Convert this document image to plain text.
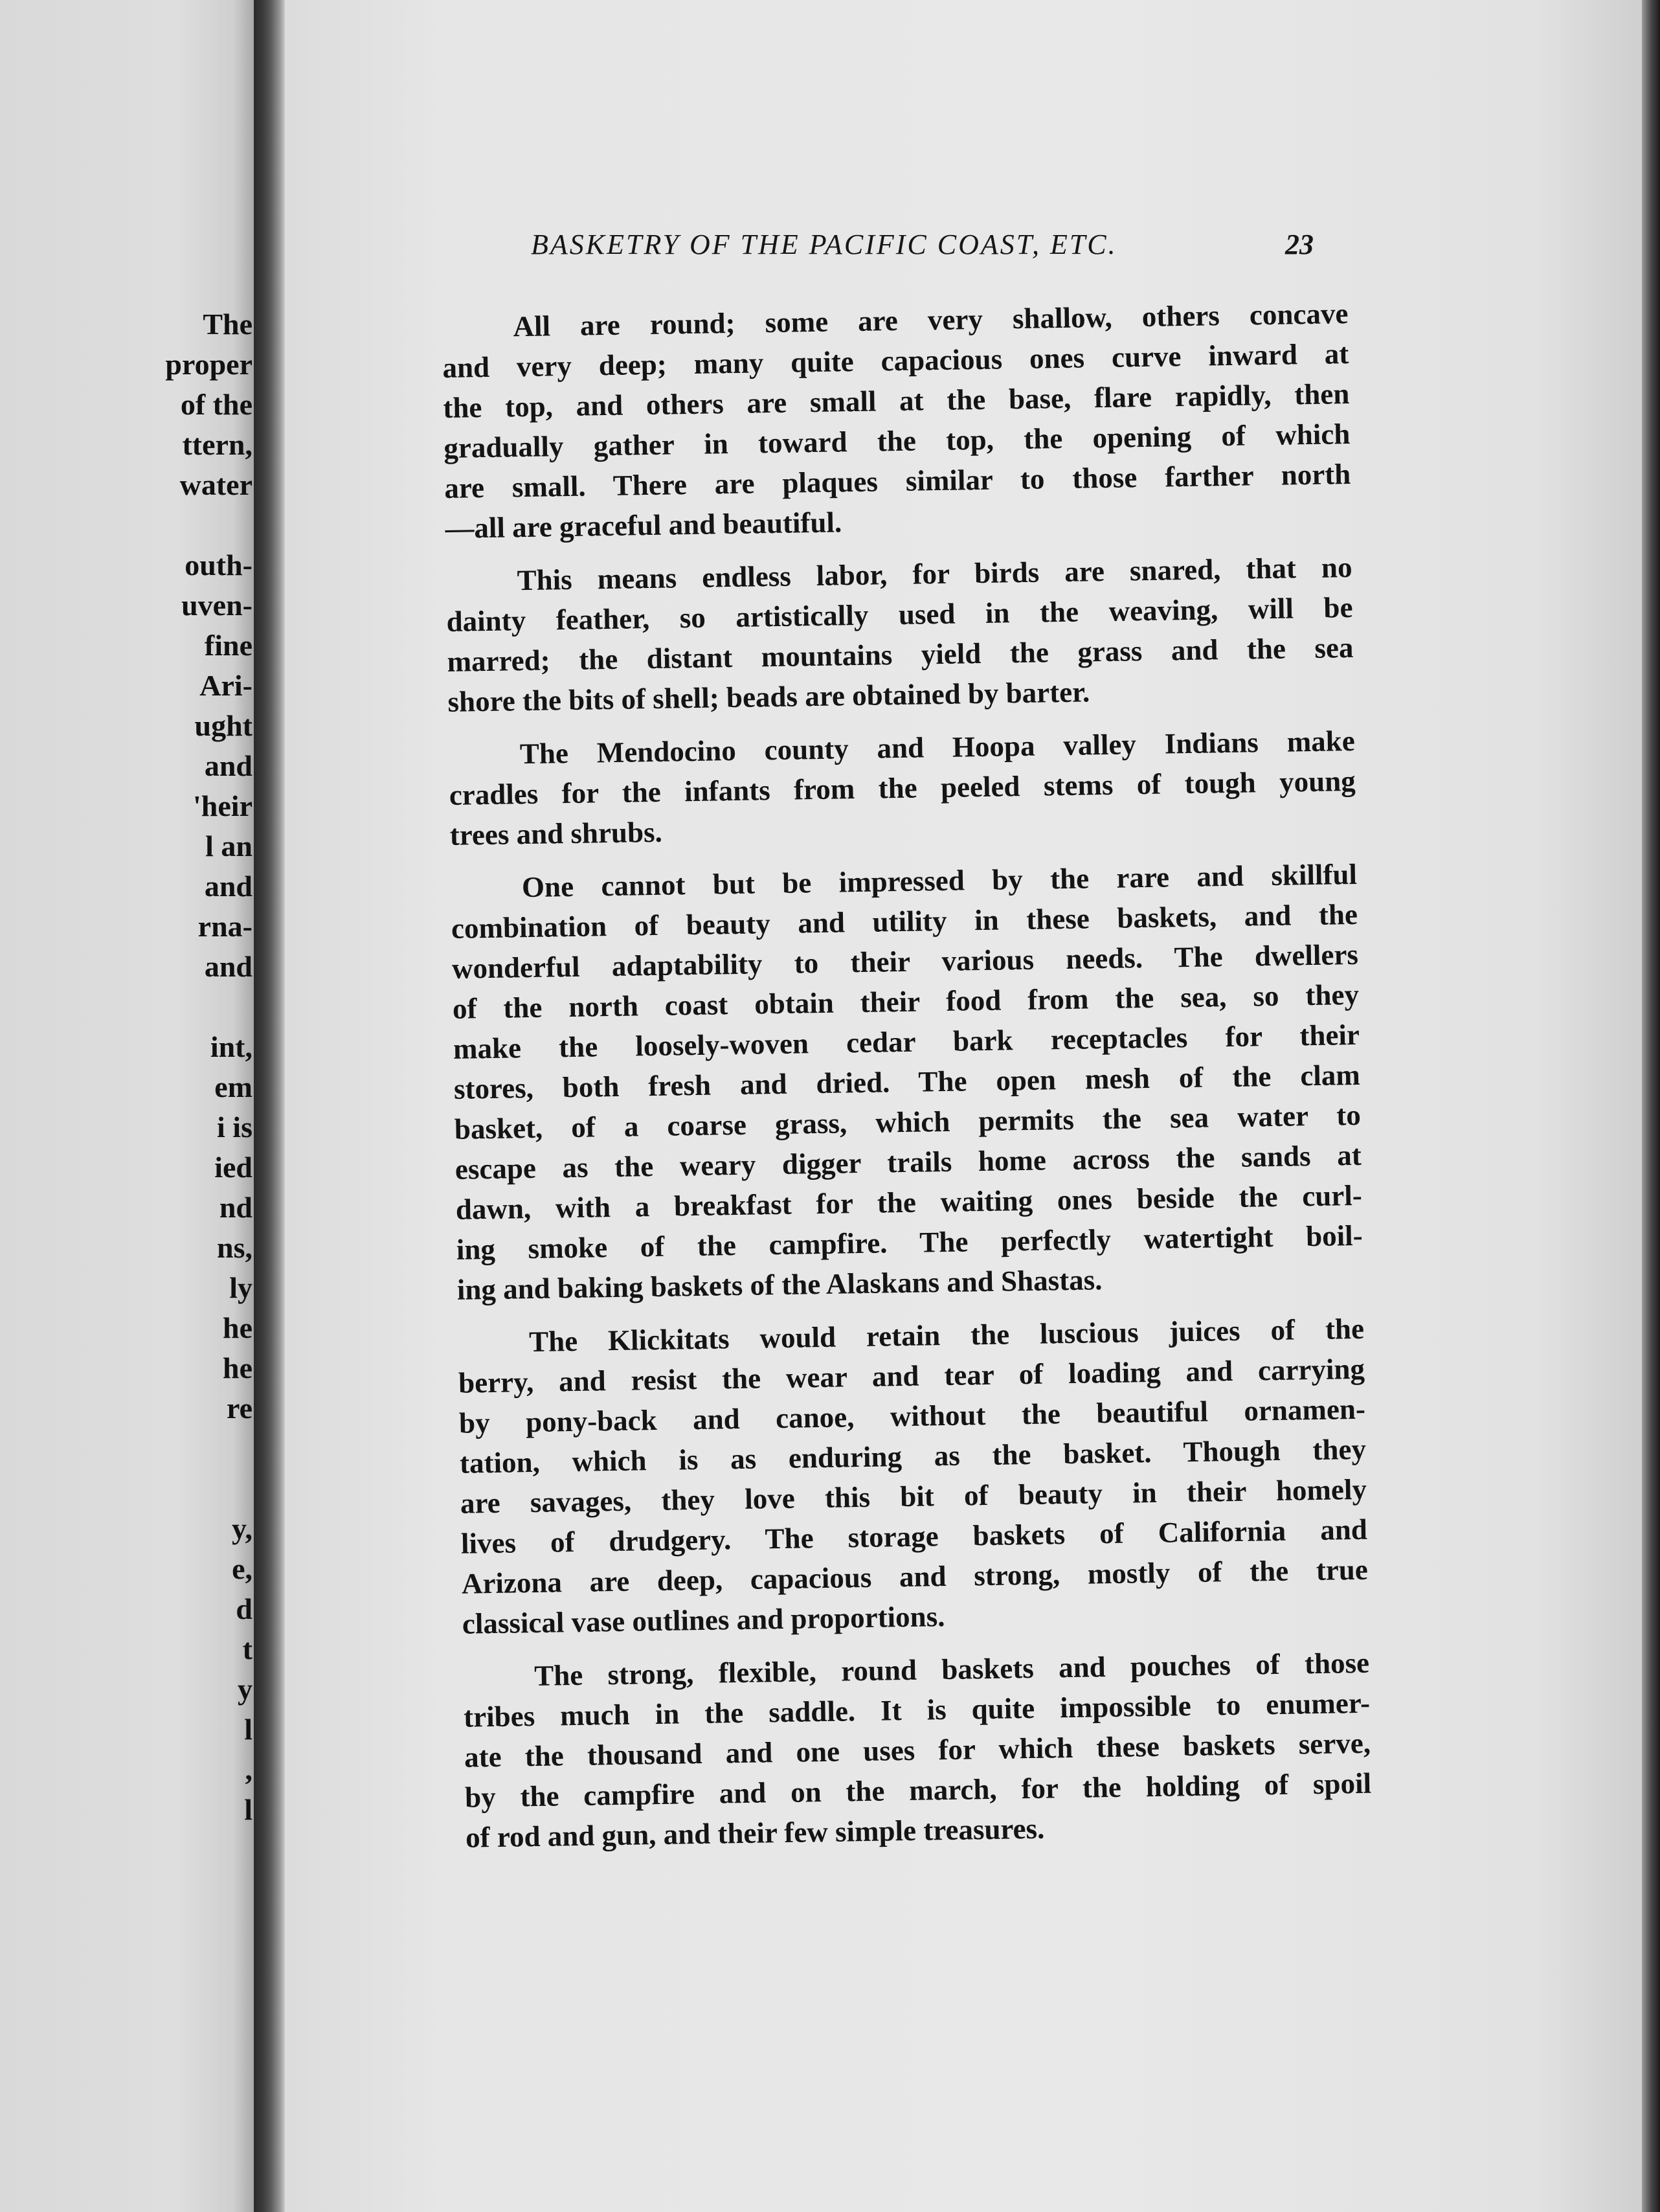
The
proper
of the
ttern,
water
outh-
uven-
fine
Ari-
ught
and
'heir
l an
and
rna-
and
int,
em
i is
ied
nd
ns,
ly
he
he
re
y,
e,
d
t
y
l
,
l
BASKETRY OF THE PACIFIC COAST, ETC.	23
All are round; some are very shallow, others concave
and very deep; many quite capacious ones curve inward at
the top, and others are small at the base, flare rapidly, then
gradually gather in toward the top, the opening of which
are small. There are plaques similar to those farther north
—all are graceful and beautiful.
This means endless labor, for birds are snared, that no
dainty feather, so artistically used in the weaving, will be
marred; the distant mountains yield the grass and the sea
shore the bits of shell; beads are obtained by barter.
The Mendocino county and Hoopa valley Indians make
cradles for the infants from the peeled stems of tough young
trees and shrubs.
One cannot but be impressed by the rare and skillful
combination of beauty and utility in these baskets, and the
wonderful adaptability to their various needs. The dwellers
of the north coast obtain their food from the sea, so they
make the loosely-woven cedar bark receptacles for their
stores, both fresh and dried. The open mesh of the clam
basket, of a coarse grass, which permits the sea water to
escape as the weary digger trails home across the sands at
dawn, with a breakfast for the waiting ones beside the curl-
ing smoke of the campfire. The perfectly watertight boil-
ing and baking baskets of the Alaskans and Shastas.
The Klickitats would retain the luscious juices of the
berry, and resist the wear and tear of loading and carrying
by pony-back and canoe, without the beautiful ornamen-
tation, which is as enduring as the basket. Though they
are savages, they love this bit of beauty in their homely
lives of drudgery. The storage baskets of California and
Arizona are deep, capacious and strong, mostly of the true
classical vase outlines and proportions.
The strong, flexible, round baskets and pouches of those
tribes much in the saddle. It is quite impossible to enumer-
ate the thousand and one uses for which these baskets serve,
by the campfire and on the march, for the holding of spoil
of rod and gun, and their few simple treasures.
